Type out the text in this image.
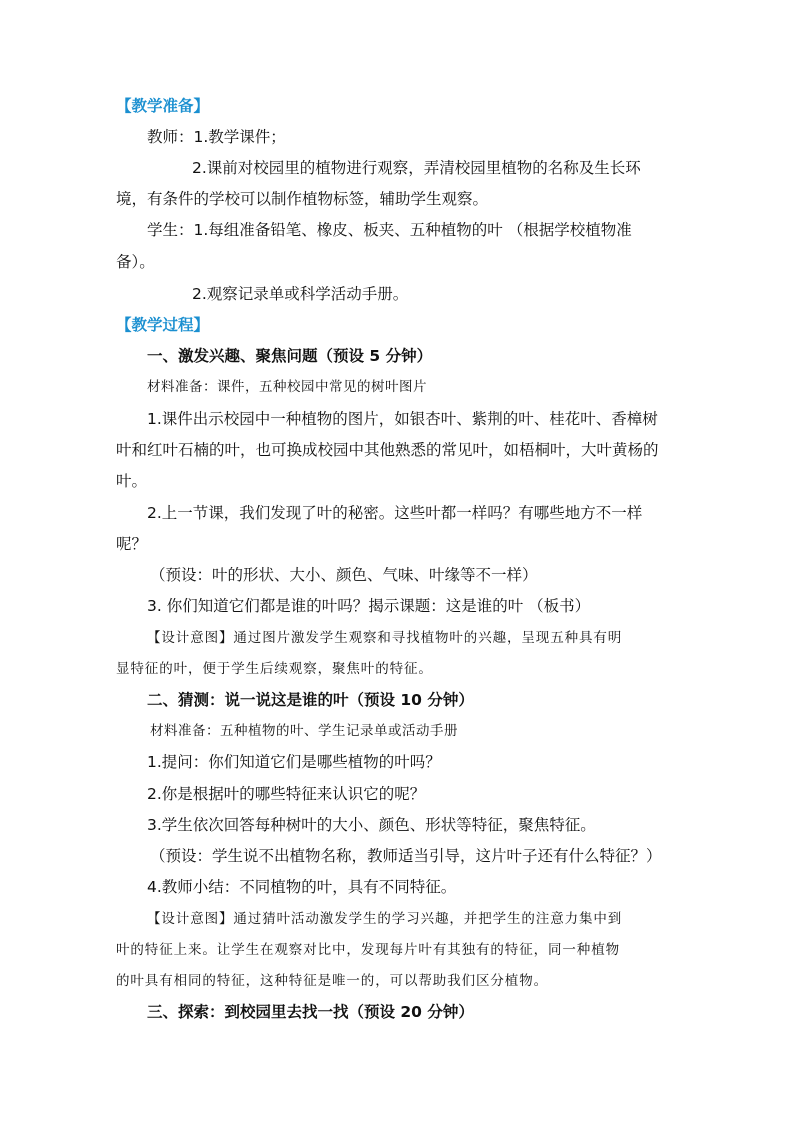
【教学准备】
教师：1.教学课件；
2.课前对校园里的植物进行观察，弄清校园里植物的名称及生长环
境，有条件的学校可以制作植物标签，辅助学生观察。
学生：1.每组准备铅笔、橡皮、板夹、五种植物的叶 （根据学校植物准
备）。
2.观察记录单或科学活动手册。
【教学过程】
一、激发兴趣、聚焦问题（预设 5 分钟）
材料准备：课件，五种校园中常见的树叶图片
1.课件出示校园中一种植物的图片，如银杏叶、紫荆的叶、桂花叶、香樟树
叶和红叶石楠的叶，也可换成校园中其他熟悉的常见叶，如梧桐叶，大叶黄杨的
叶。
2.上一节课，我们发现了叶的秘密。这些叶都一样吗？有哪些地方不一样
呢？
（预设：叶的形状、大小、颜色、气味、叶缘等不一样）
3. 你们知道它们都是谁的叶吗？揭示课题：这是谁的叶 （板书）
【设计意图】通过图片激发学生观察和寻找植物叶的兴趣，呈现五种具有明
显特征的叶，便于学生后续观察，聚焦叶的特征。
二、猜测：说一说这是谁的叶（预设 10 分钟）
材料准备：五种植物的叶、学生记录单或活动手册
1.提问：你们知道它们是哪些植物的叶吗？
2.你是根据叶的哪些特征来认识它的呢？
3.学生依次回答每种树叶的大小、颜色、形状等特征，聚焦特征。
（预设：学生说不出植物名称，教师适当引导，这片叶子还有什么特征？）
4.教师小结：不同植物的叶，具有不同特征。
【设计意图】通过猜叶活动激发学生的学习兴趣，并把学生的注意力集中到
叶的特征上来。让学生在观察对比中，发现每片叶有其独有的特征，同一种植物
的叶具有相同的特征，这种特征是唯一的，可以帮助我们区分植物。
三、探索：到校园里去找一找（预设 20 分钟）
